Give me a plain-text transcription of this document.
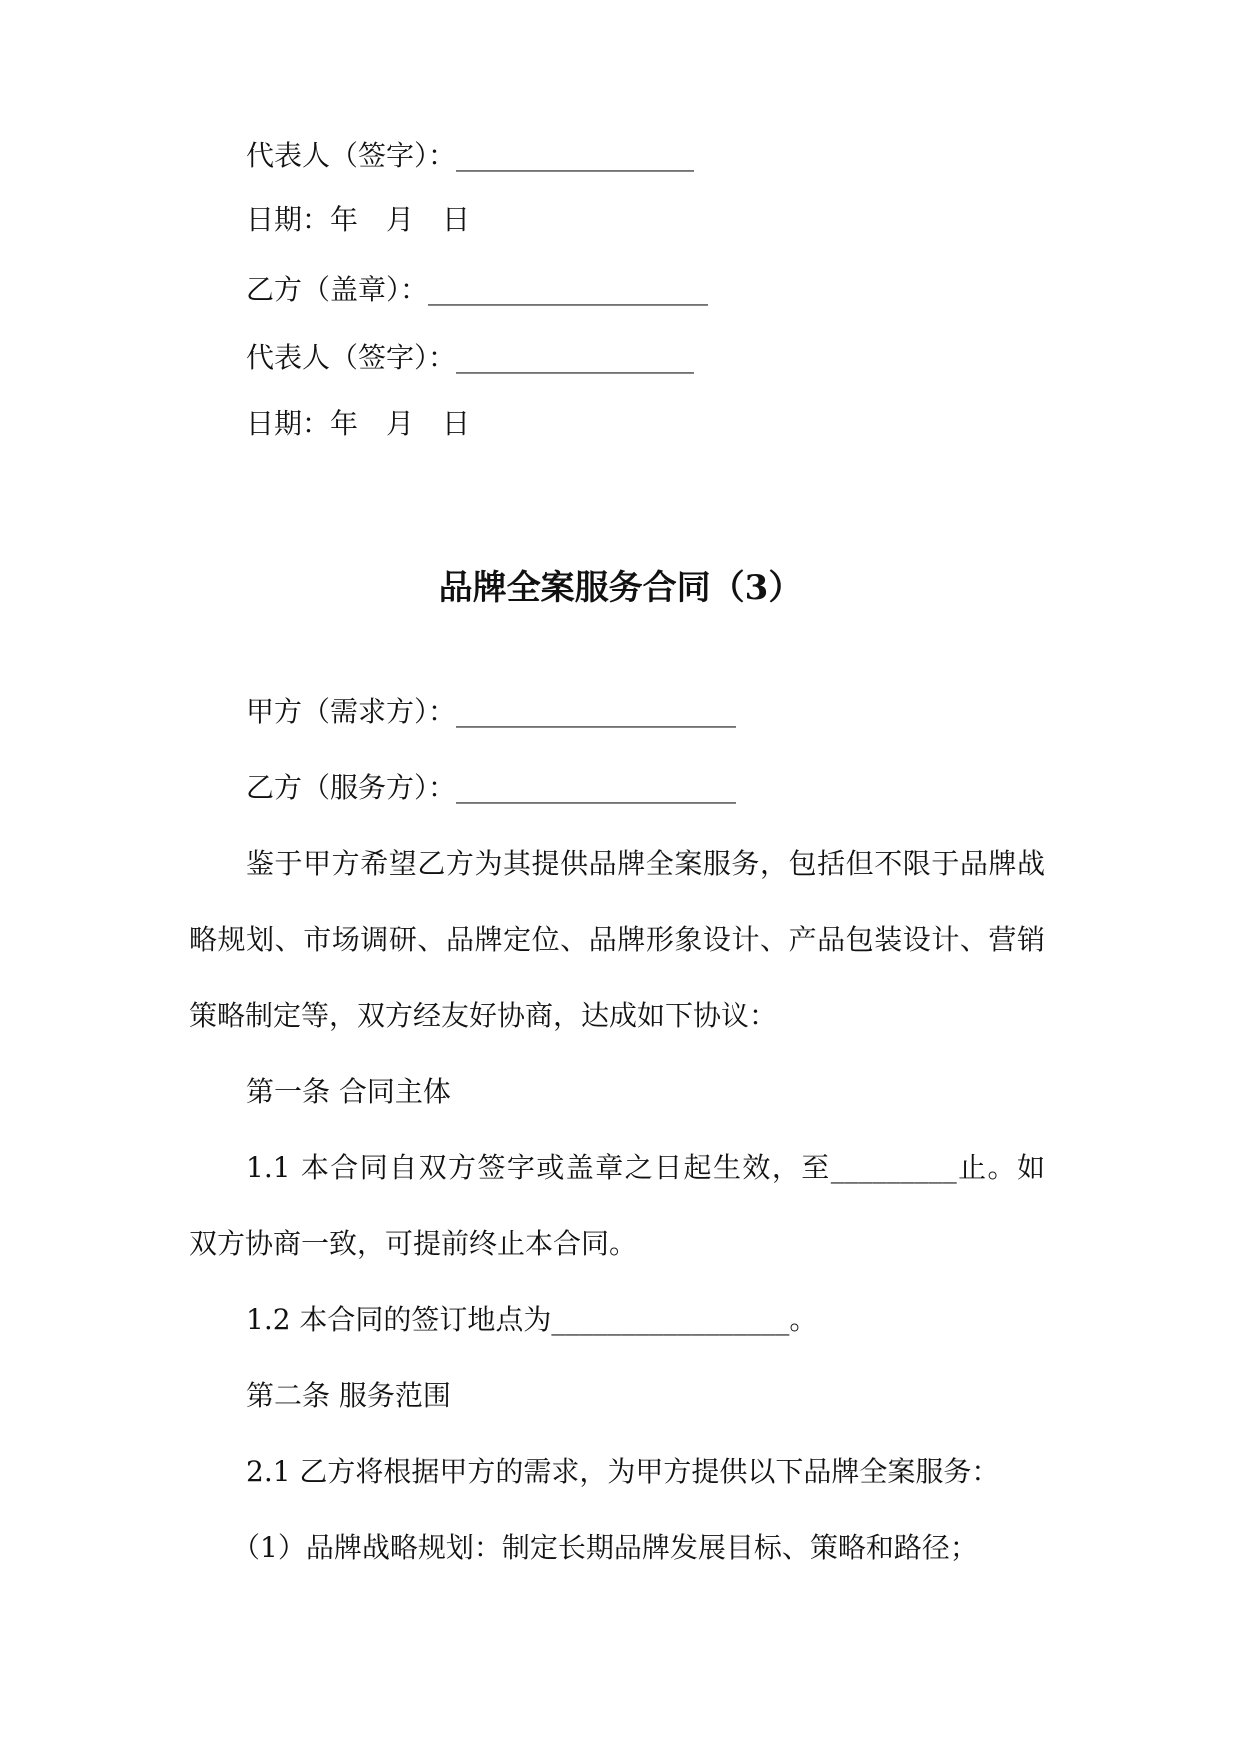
代表人（签字）：_________________
日期：年 月 日
乙方（盖章）：____________________
代表人（签字）：_________________
日期：年 月 日
品牌全案服务合同（3）
甲方（需求方）：____________________
乙方（服务方）：____________________
鉴于甲方希望乙方为其提供品牌全案服务，包括但不限于品牌战
略规划、市场调研、品牌定位、品牌形象设计、产品包装设计、营销
策略制定等，双方经友好协商，达成如下协议：
第一条 合同主体
1.1 本合同自双方签字或盖章之日起生效，至_________止。如
双方协商一致，可提前终止本合同。
1.2 本合同的签订地点为_________________。
第二条 服务范围
2.1 乙方将根据甲方的需求，为甲方提供以下品牌全案服务：
（1）品牌战略规划：制定长期品牌发展目标、策略和路径；
